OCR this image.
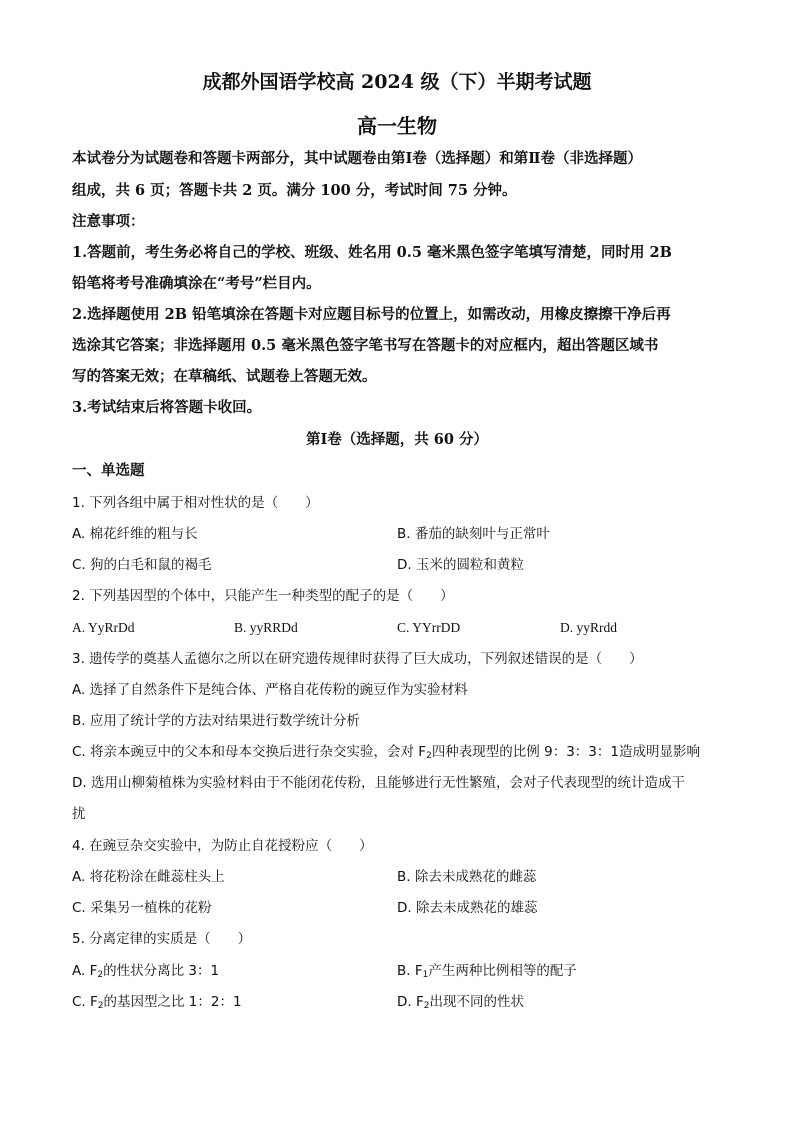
成都外国语学校高 2024 级（下）半期考试题
高一生物
本试卷分为试题卷和答题卡两部分，其中试题卷由第Ⅰ卷（选择题）和第Ⅱ卷（非选择题）
组成，共 6 页；答题卡共 2 页。满分 100 分，考试时间 75 分钟。
注意事项：
1.答题前，考生务必将自己的学校、班级、姓名用 0.5 毫米黑色签字笔填写清楚，同时用 2B
铅笔将考号准确填涂在“考号”栏目内。
2.选择题使用 2B 铅笔填涂在答题卡对应题目标号的位置上，如需改动，用橡皮擦擦干净后再
选涂其它答案；非选择题用 0.5 毫米黑色签字笔书写在答题卡的对应框内，超出答题区域书
写的答案无效；在草稿纸、试题卷上答题无效。
3.考试结束后将答题卡收回。
第Ⅰ卷（选择题，共 60 分）
一、单选题
1. 下列各组中属于相对性状的是（　　）
A. 棉花纤维的粗与长	B. 番茄的缺刻叶与正常叶
C. 狗的白毛和鼠的褐毛	D. 玉米的圆粒和黄粒
2. 下列基因型的个体中，只能产生一种类型的配子的是（　　）
A. YyRrDd	B. yyRRDd	C. YYrrDD	D. yyRrdd
3. 遗传学的奠基人孟德尔之所以在研究遗传规律时获得了巨大成功，下列叙述错误的是（　　）
A. 选择了自然条件下是纯合体、严格自花传粉的豌豆作为实验材料
B. 应用了统计学的方法对结果进行数学统计分析
C. 将亲本豌豆中的父本和母本交换后进行杂交实验，会对 $F_2$四种表现型的比例 9：3：3：1造成明显影响
D. 选用山柳菊植株为实验材料由于不能闭花传粉，且能够进行无性繁殖，会对子代表现型的统计造成干
扰
4. 在豌豆杂交实验中，为防止自花授粉应（　　）
A. 将花粉涂在雌蕊柱头上	B. 除去未成熟花的雌蕊
C. 采集另一植株的花粉	D. 除去未成熟花的雄蕊
5. 分离定律的实质是（　　）
A. $F_2$的性状分离比 3：1	B. $F_1$产生两种比例相等的配子
C. $F_2$的基因型之比 1：2：1	D. $F_2$出现不同的性状
